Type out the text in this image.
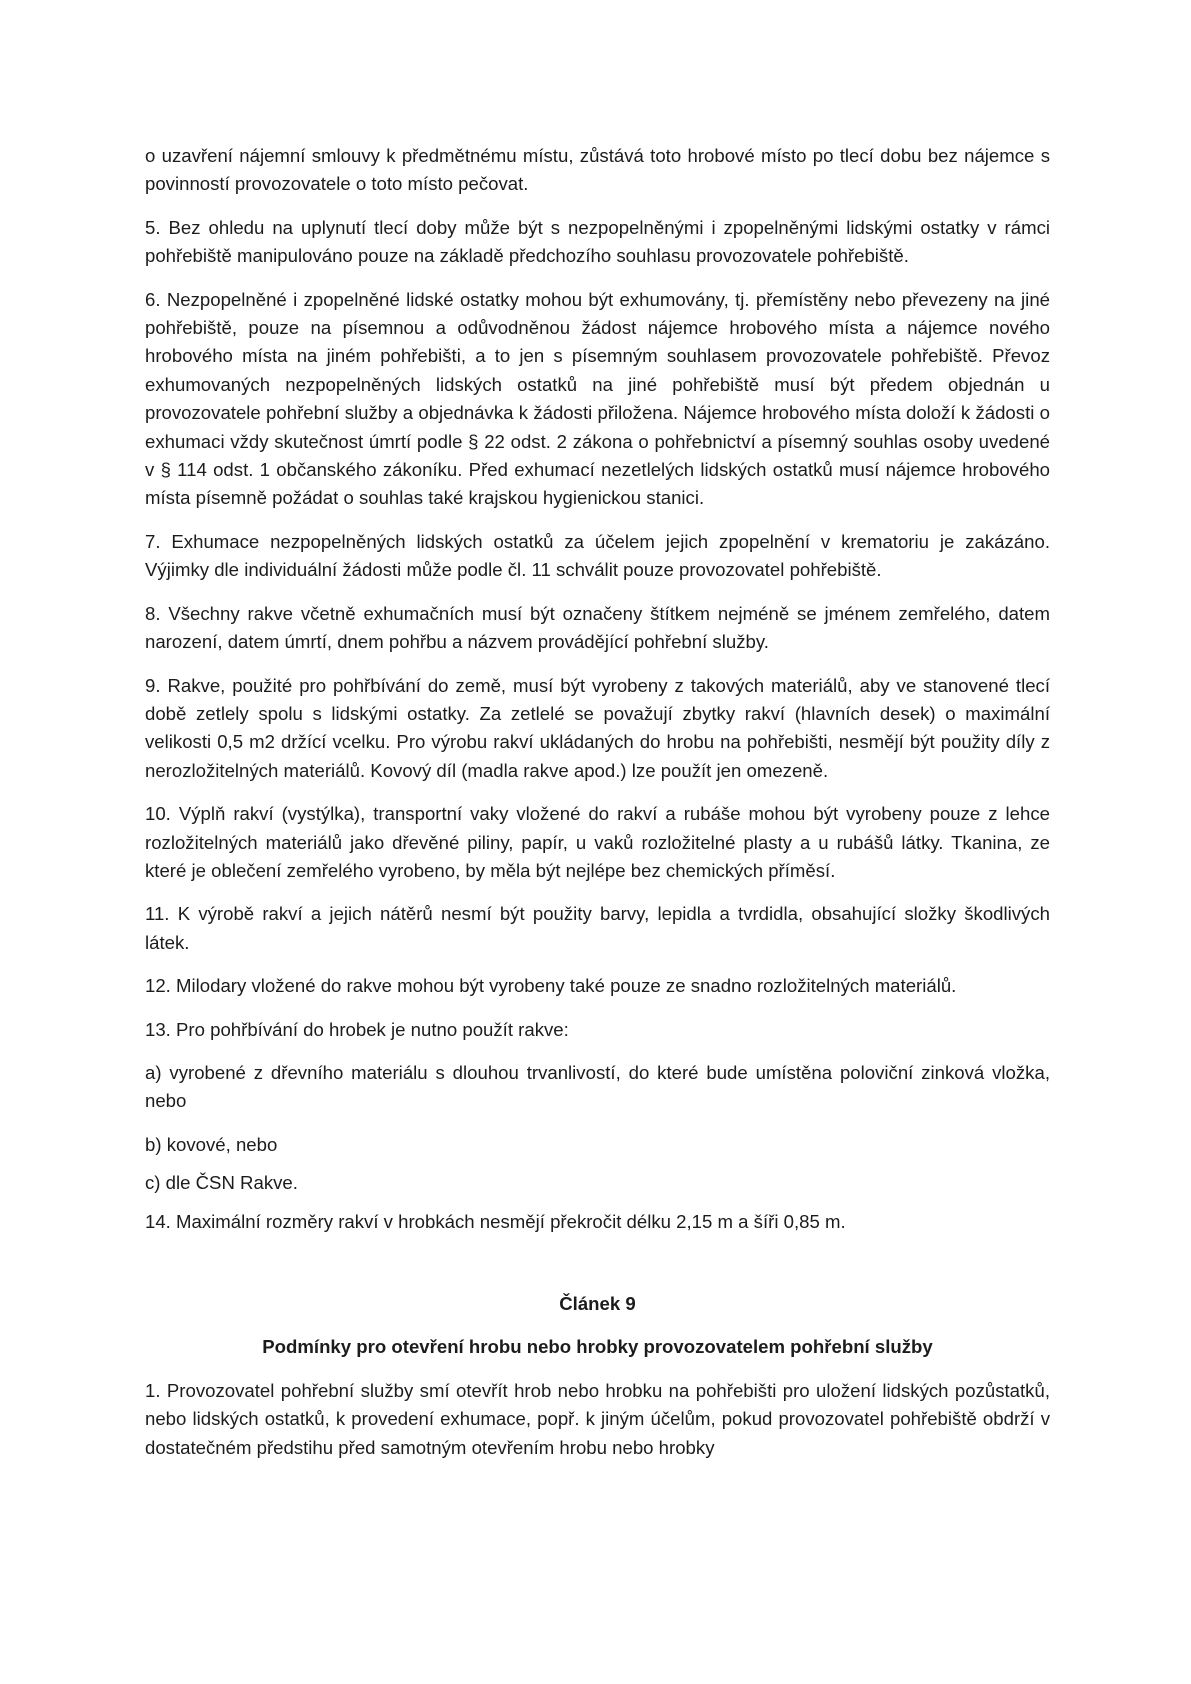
o uzavření nájemní smlouvy k předmětnému místu, zůstává toto hrobové místo po tlecí dobu bez nájemce s povinností provozovatele o toto místo pečovat.

5. Bez ohledu na uplynutí tlecí doby může být s nezpopelněnými i zpopelněnými lidskými ostatky v rámci pohřebiště manipulováno pouze na základě předchozího souhlasu provozovatele pohřebiště.

6. Nezpopelněné i zpopelněné lidské ostatky mohou být exhumovány, tj. přemístěny nebo převezeny na jiné pohřebiště, pouze na písemnou a odůvodněnou žádost nájemce hrobového místa a nájemce nového hrobového místa na jiném pohřebišti, a to jen s písemným souhlasem provozovatele pohřebiště. Převoz exhumovaných nezpopelněných lidských ostatků na jiné pohřebiště musí být předem objednán u provozovatele pohřební služby a objednávka k žádosti přiložena. Nájemce hrobového místa doloží k žádosti o exhumaci vždy skutečnost úmrtí podle § 22 odst. 2 zákona o pohřebnictví a písemný souhlas osoby uvedené v § 114 odst. 1 občanského zákoníku. Před exhumací nezetlelých lidských ostatků musí nájemce hrobového místa písemně požádat o souhlas také krajskou hygienickou stanici.

7. Exhumace nezpopelněných lidských ostatků za účelem jejich zpopelnění v krematoriu je zakázáno. Výjimky dle individuální žádosti může podle čl. 11 schválit pouze provozovatel pohřebiště.

8. Všechny rakve včetně exhumačních musí být označeny štítkem nejméně se jménem zemřelého, datem narození, datem úmrtí, dnem pohřbu a názvem provádějící pohřební služby.

9. Rakve, použité pro pohřbívání do země, musí být vyrobeny z takových materiálů, aby ve stanovené tlecí době zetlely spolu s lidskými ostatky. Za zetlelé se považují zbytky rakví (hlavních desek) o maximální velikosti 0,5 m2 držící vcelku. Pro výrobu rakví ukládaných do hrobu na pohřebišti, nesmějí být použity díly z nerozložitelných materiálů. Kovový díl (madla rakve apod.) lze použít jen omezeně.

10. Výplň rakví (vystýlka), transportní vaky vložené do rakví a rubáše mohou být vyrobeny pouze z lehce rozložitelných materiálů jako dřevěné piliny, papír, u vaků rozložitelné plasty a u rubášů látky. Tkanina, ze které je oblečení zemřelého vyrobeno, by měla být nejlépe bez chemických příměsí.

11. K výrobě rakví a jejich nátěrů nesmí být použity barvy, lepidla a tvrdidla, obsahující složky škodlivých látek.

12. Milodary vložené do rakve mohou být vyrobeny také pouze ze snadno rozložitelných materiálů.

13. Pro pohřbívání do hrobek je nutno použít rakve:

a) vyrobené z dřevního materiálu s dlouhou trvanlivostí, do které bude umístěna poloviční zinková vložka, nebo

b) kovové, nebo

c) dle ČSN Rakve.

14. Maximální rozměry rakví v hrobkách nesmějí překročit délku 2,15 m a šíři 0,85 m.

Článek 9
Podmínky pro otevření hrobu nebo hrobky provozovatelem pohřební služby

1. Provozovatel pohřební služby smí otevřít hrob nebo hrobku na pohřebišti pro uložení lidských pozůstatků, nebo lidských ostatků, k provedení exhumace, popř. k jiným účelům, pokud provozovatel pohřebiště obdrží v dostatečném předstihu před samotným otevřením hrobu nebo hrobky
